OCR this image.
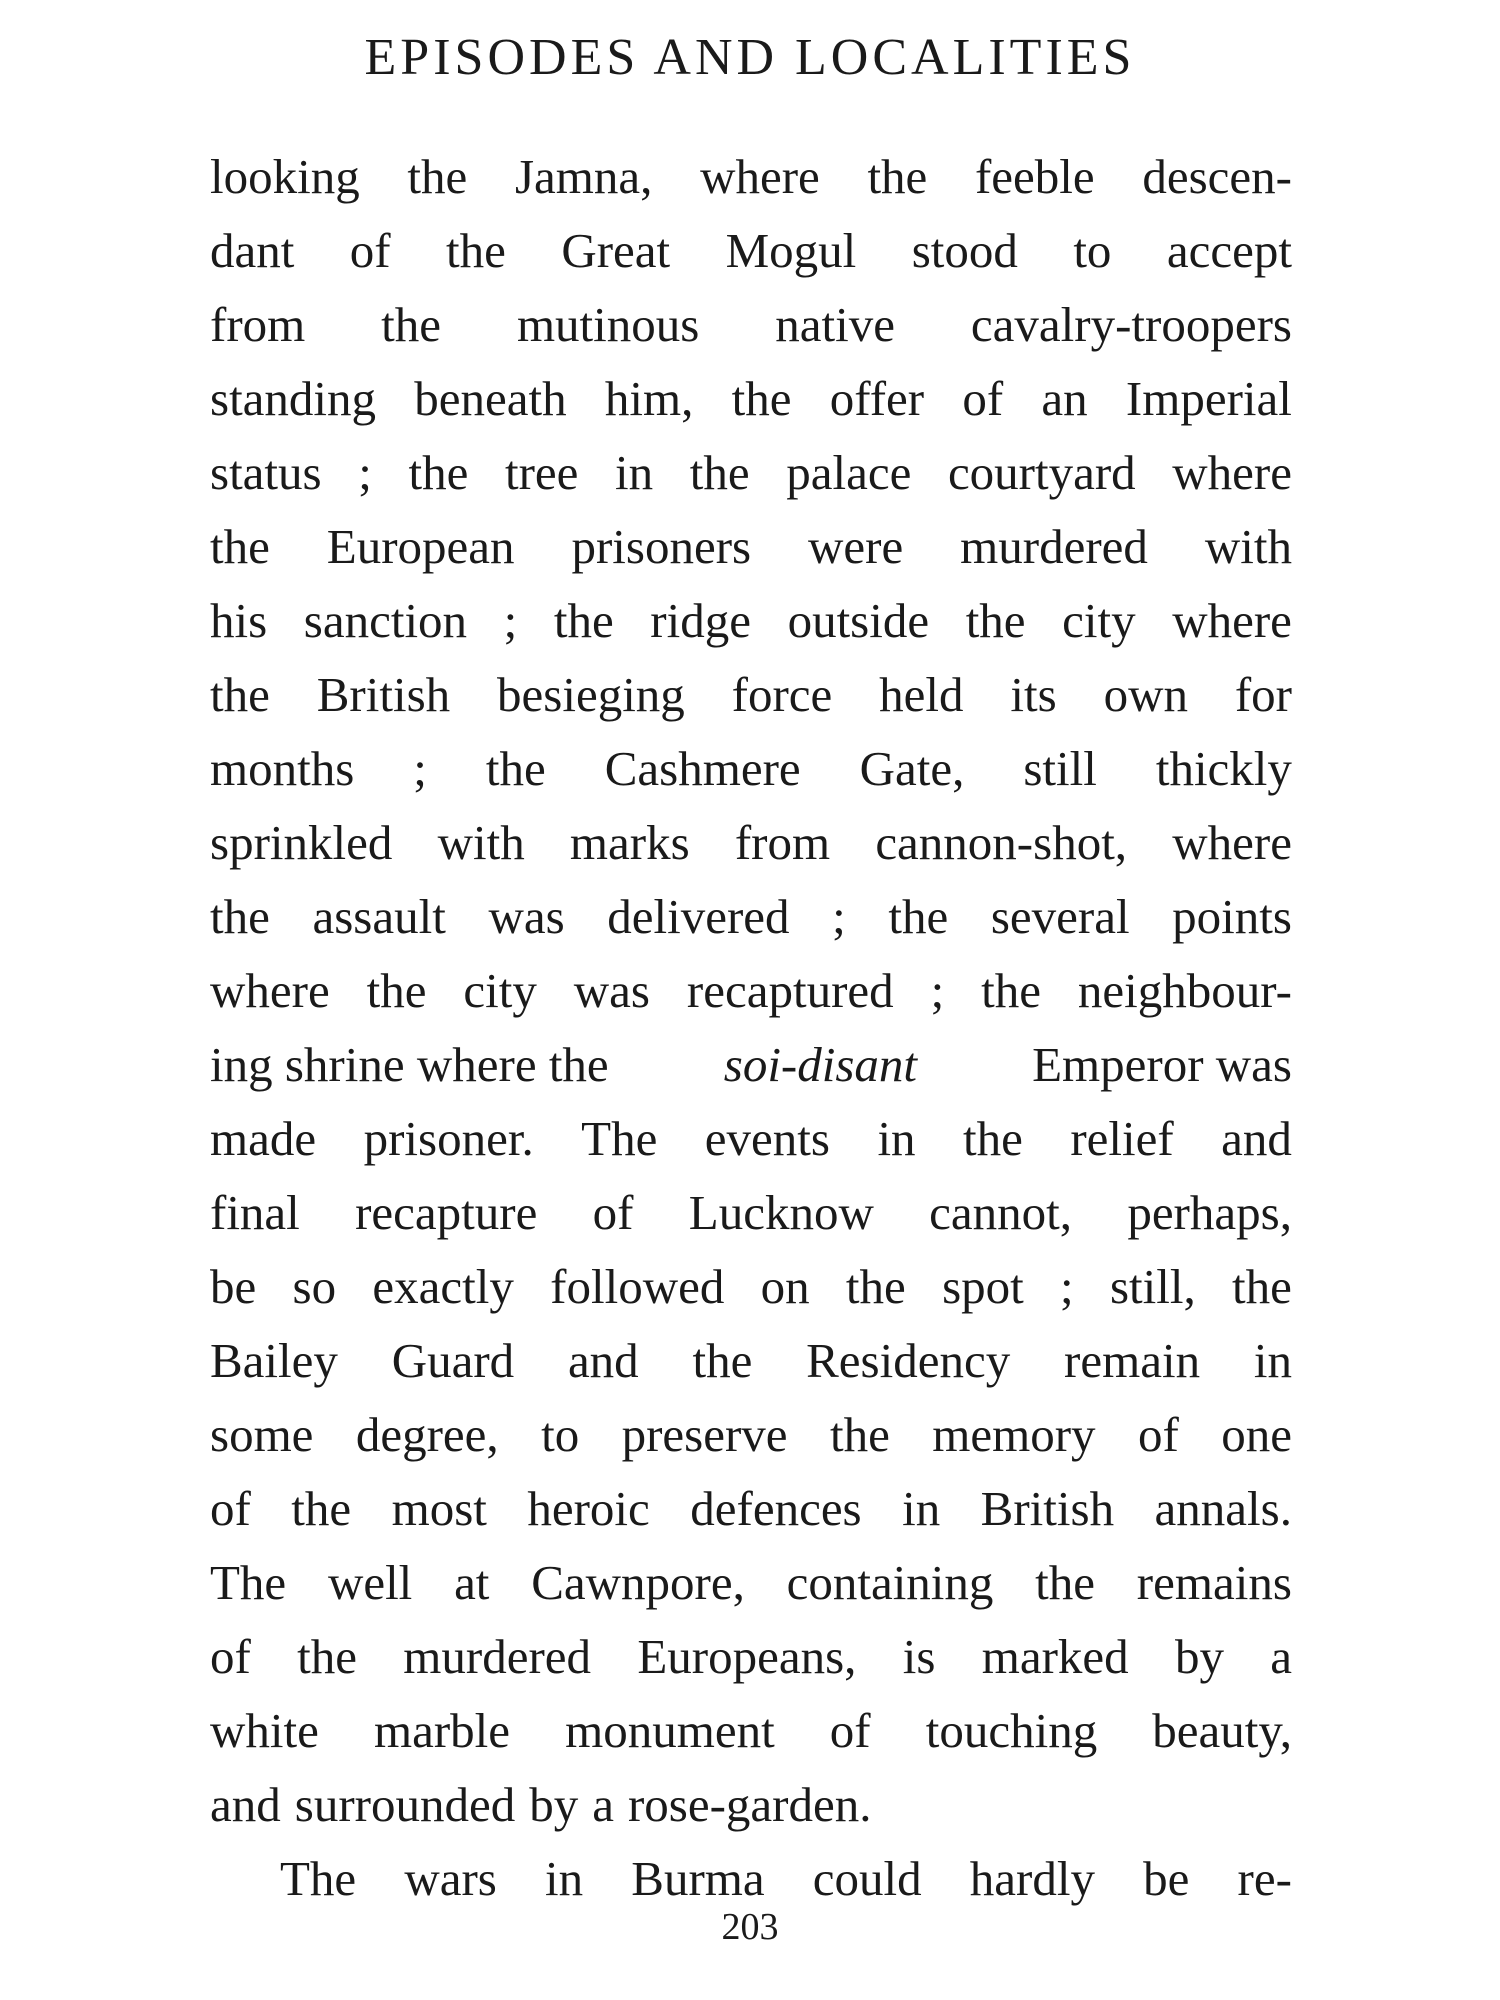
EPISODES AND LOCALITIES

looking the Jamna, where the feeble descen-

dant of the Great Mogul stood to accept

from the mutinous native cavalry-troopers

standing beneath him, the offer of an Imperial

status ; the tree in the palace courtyard where

the European prisoners were murdered with

his sanction ; the ridge outside the city where

the British besieging force held its own for

months ; the Cashmere Gate, still thickly

sprinkled with marks from cannon-shot, where

the assault was delivered ; the several points

where the city was recaptured ; the neighbour-

ing shrine where the soi-disant Emperor was

made prisoner. The events in the relief and

final recapture of Lucknow cannot, perhaps,

be so exactly followed on the spot ; still, the

Bailey Guard and the Residency remain in

some degree, to preserve the memory of one

of the most heroic defences in British annals.

The well at Cawnpore, containing the remains

of the murdered Europeans, is marked by a

white marble monument of touching beauty,

and surrounded by a rose-garden.

The wars in Burma could hardly be re-

203
